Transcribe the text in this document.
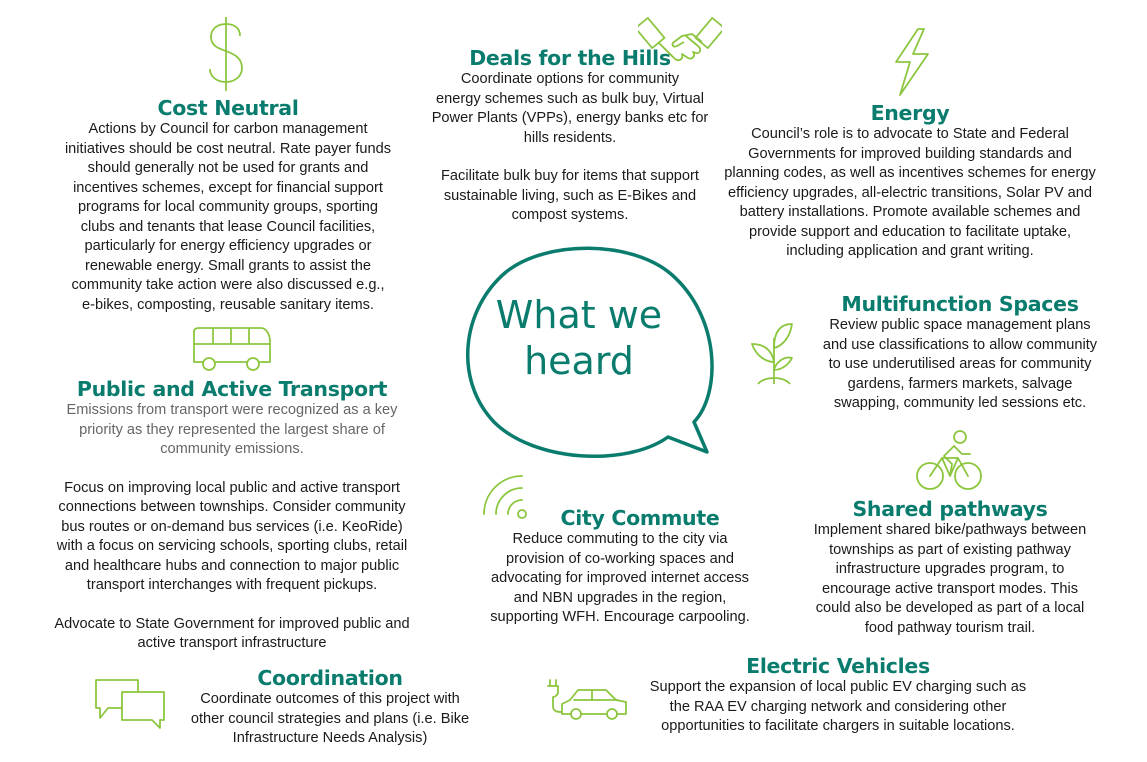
What we
heard
Cost Neutral

Actions by Council for carbon management

initiatives should be cost neutral. Rate payer funds

should generally not be used for grants and

incentives schemes, except for financial support

programs for local community groups, sporting

clubs and tenants that lease Council facilities,

particularly for energy efficiency upgrades or

renewable energy. Small grants to assist the

community take action were also discussed e.g.,

e-bikes, composting, reusable sanitary items.

Deals for the Hills

Coordinate options for community

energy schemes such as bulk buy, Virtual

Power Plants (VPPs), energy banks etc for

hills residents.

Facilitate bulk buy for items that support

sustainable living, such as E-Bikes and

compost systems.

Energy

Council’s role is to advocate to State and Federal

Governments for improved building standards and

planning codes, as well as incentives schemes for energy

efficiency upgrades, all-electric transitions, Solar PV and

battery installations. Promote available schemes and

provide support and education to facilitate uptake,

including application and grant writing.

Multifunction Spaces

Review public space management plans

and use classifications to allow community

to use underutilised areas for community

gardens, farmers markets, salvage

swapping, community led sessions etc.

Public and Active Transport

Emissions from transport were recognized as a key

priority as they represented the largest share of

community emissions.

Focus on improving local public and active transport

connections between townships. Consider community

bus routes or on-demand bus services (i.e. KeoRide)

with a focus on servicing schools, sporting clubs, retail

and healthcare hubs and connection to major public

transport interchanges with frequent pickups.

Advocate to State Government for improved public and

active transport infrastructure

City Commute

Reduce commuting to the city via

provision of co-working spaces and

advocating for improved internet access

and NBN upgrades in the region,

supporting WFH. Encourage carpooling.

Shared pathways

Implement shared bike/pathways between

townships as part of existing pathway

infrastructure upgrades program, to

encourage active transport modes. This

could also be developed as part of a local

food pathway tourism trail.

Coordination

Coordinate outcomes of this project with

other council strategies and plans (i.e. Bike

Infrastructure Needs Analysis)

Electric Vehicles

Support the expansion of local public EV charging such as

the RAA EV charging network and considering other

opportunities to facilitate chargers in suitable locations.
